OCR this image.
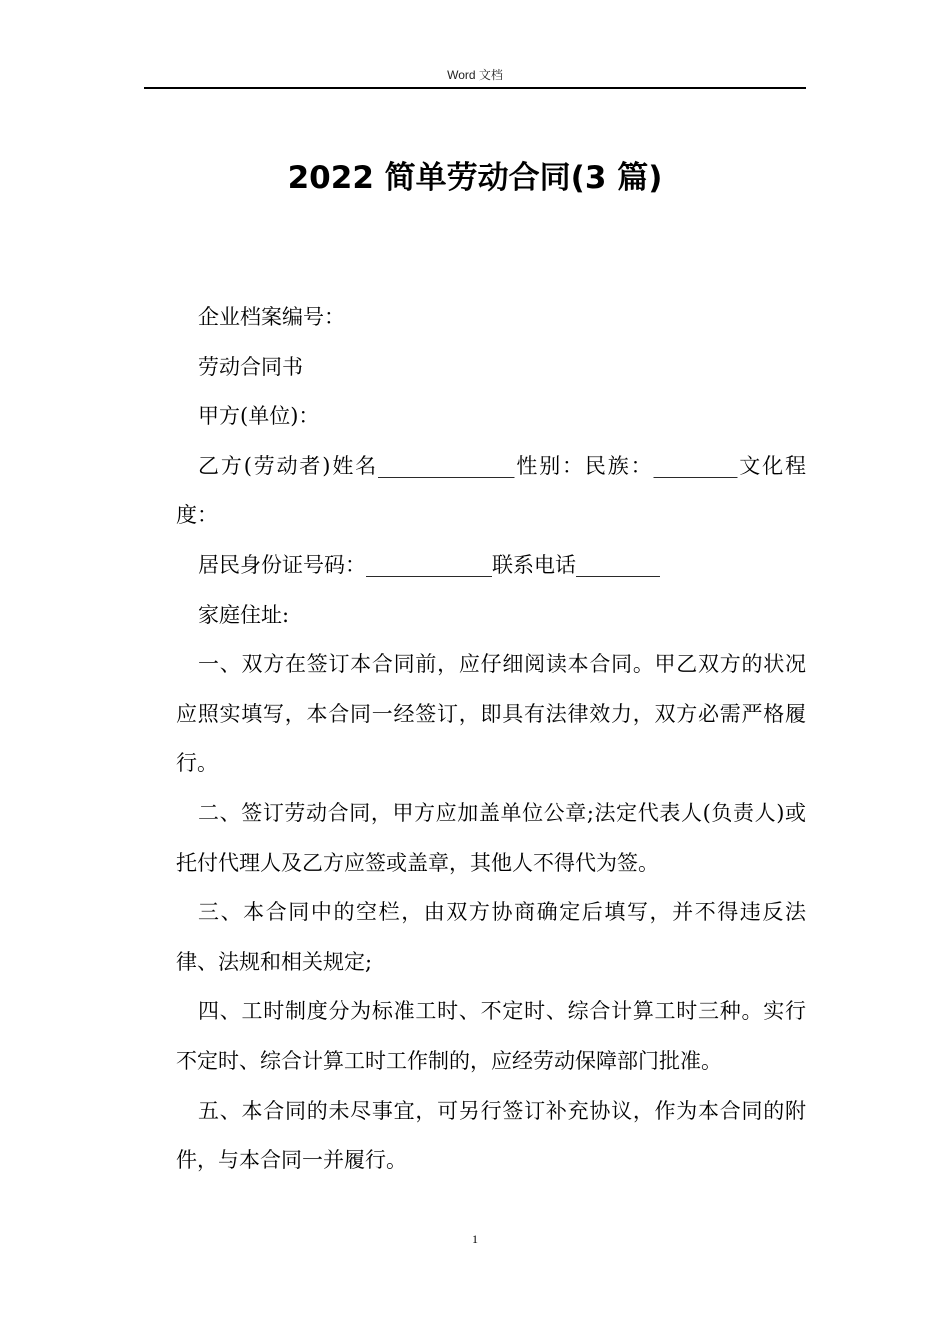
Word 文档
2022 简单劳动合同(3 篇)

企业档案编号：

劳动合同书

甲方(单位)：

乙方(劳动者)姓名_____________性别：民族：________文化程度：

居民身份证号码：____________联系电话________

家庭住址:

一、双方在签订本合同前，应仔细阅读本合同。甲乙双方的状况应照实填写，本合同一经签订，即具有法律效力，双方必需严格履行。

二、签订劳动合同，甲方应加盖单位公章;法定代表人(负责人)或托付代理人及乙方应签或盖章，其他人不得代为签。

三、本合同中的空栏，由双方协商确定后填写，并不得违反法律、法规和相关规定;

四、工时制度分为标准工时、不定时、综合计算工时三种。实行不定时、综合计算工时工作制的，应经劳动保障部门批准。

五、本合同的未尽事宜，可另行签订补充协议，作为本合同的附件，与本合同一并履行。

1
